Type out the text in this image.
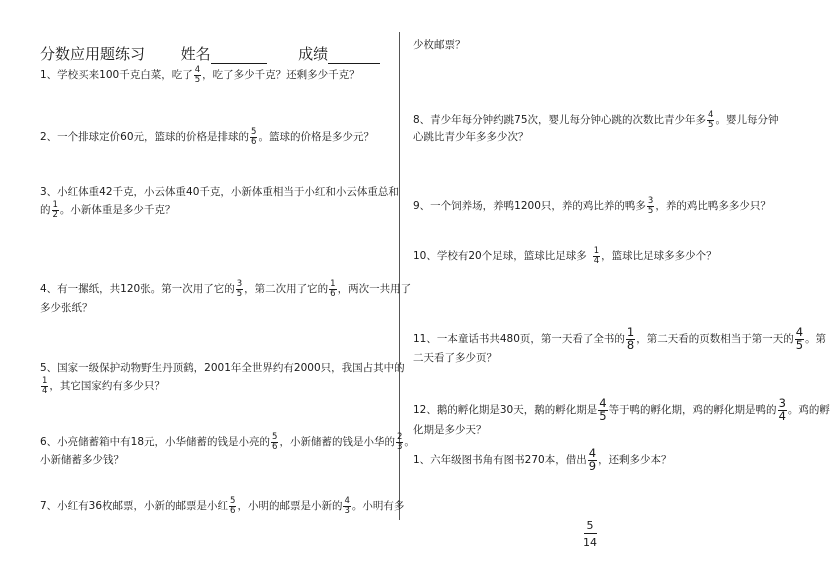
分数应用题练习 姓名	成绩
1、学校买来100千克白菜，吃了 $\frac{4}{5}$ ，吃了多少千克？还剩多少千克？
2、一个排球定价60元，篮球的价格是排球的 $\frac{5}{6}$ 。篮球的价格是多少元？
3、小红体重42千克，小云体重40千克，小新体重相当于小红和小云体重总和
的 $\frac{1}{2}$ 。小新体重是多少千克？
4、有一摞纸，共120张。第一次用了它的 $\frac{3}{5}$ ，第二次用了它的 $\frac{1}{6}$ ，两次一共用了
多少张纸？
5、国家一级保护动物野生丹顶鹤，2001年全世界约有2000只，我国占其中的
$\frac{1}{4}$ ，其它国家约有多少只？
6、小亮储蓄箱中有18元，小华储蓄的钱是小亮的 $\frac{5}{6}$ ，小新储蓄的钱是小华的 $\frac{2}{3}$ 。
小新储蓄多少钱？
7、小红有36枚邮票，小新的邮票是小红 $\frac{5}{6}$ ，小明的邮票是小新的 $\frac{4}{3}$ 。小明有多
少枚邮票？
8、青少年每分钟约跳75次，婴儿每分钟心跳的次数比青少年多 $\frac{4}{5}$ 。婴儿每分钟
心跳比青少年多多少次？
9、一个饲养场，养鸭1200只，养的鸡比养的鸭多 $\frac{3}{5}$ ，养的鸡比鸭多多少只？
10、学校有20个足球，篮球比足球多 $\frac{1}{4}$ ，篮球比足球多多少个？
11、一本童话书共480页，第一天看了全书的 $\frac{1}{8}$ ，第二天看的页数相当于第一天的 $\frac{4}{5}$ 。第
二天看了多少页？
12、鹅的孵化期是30天，鹅的孵化期是 $\frac{4}{5}$ 等于鸭的孵化期，鸡的孵化期是鸭的 $\frac{3}{4}$ 。鸡的孵
化期是多少天？
1、六年级图书角有图书270本，借出 $\frac{4}{9}$ ，还剩多少本？
5
14
